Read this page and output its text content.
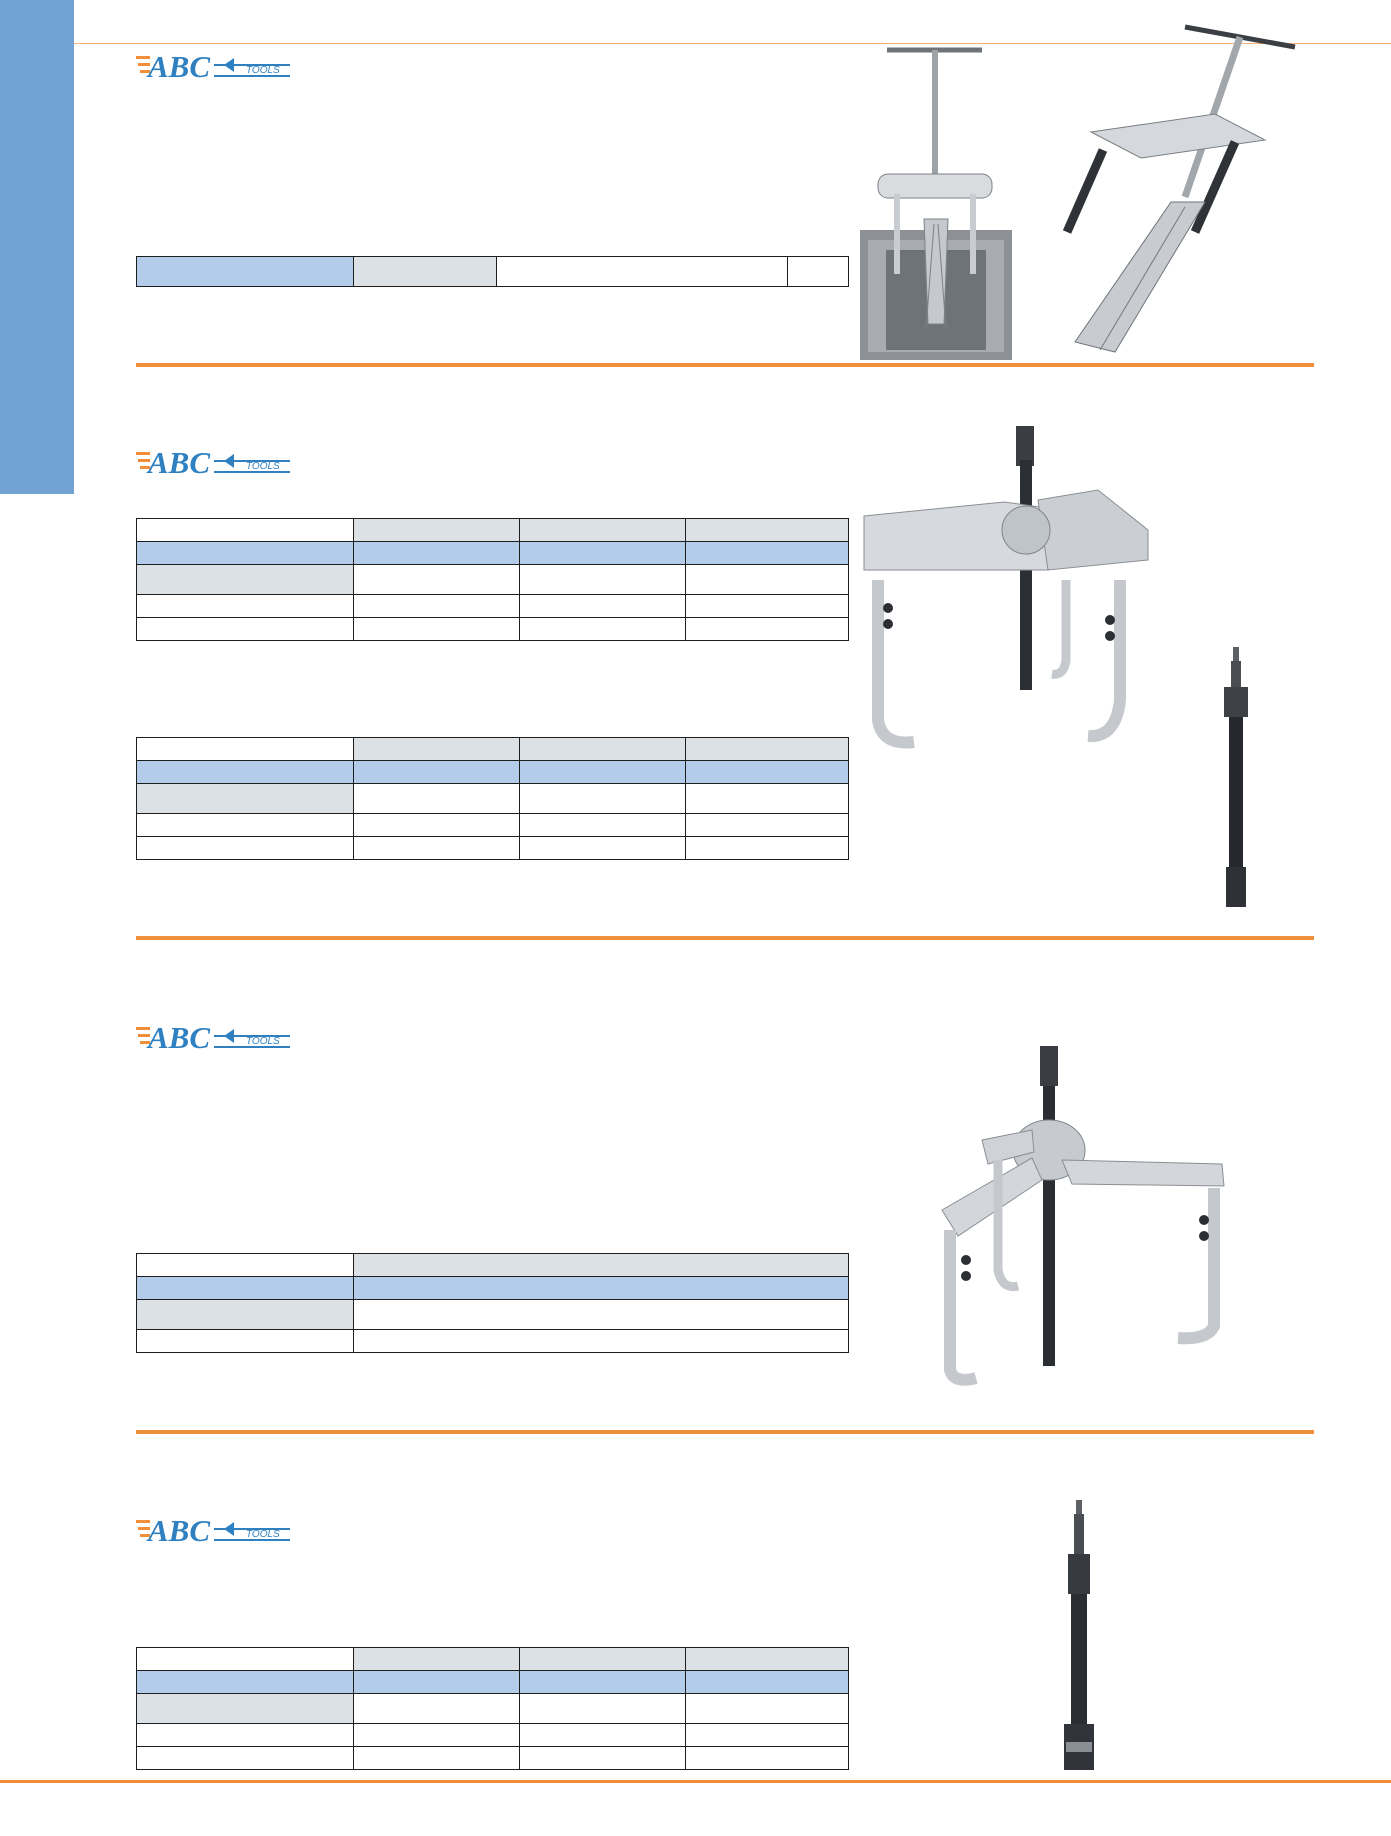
ABC	TOOLS

ABC	TOOLS

ABC	TOOLS

ABC	TOOLS
